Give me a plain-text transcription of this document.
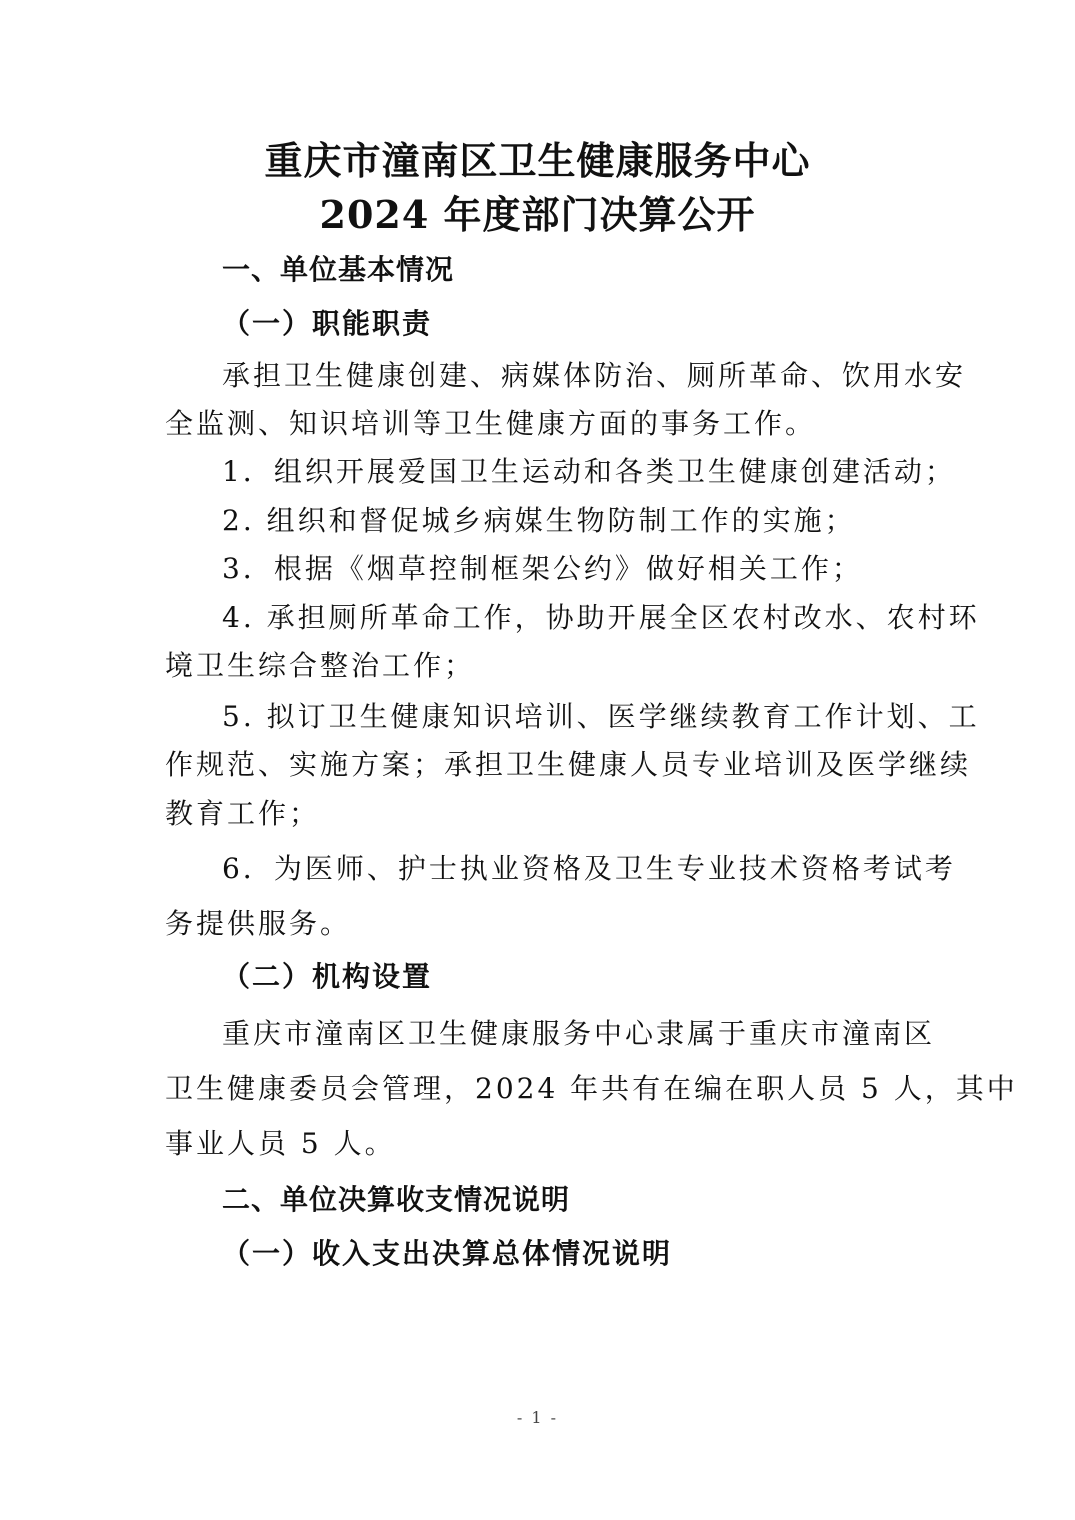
重庆市潼南区卫生健康服务中心
2024 年度部门决算公开
一、单位基本情况
（一）职能职责
承担卫生健康创建、病媒体防治、厕所革命、饮用水安
全监测、知识培训等卫生健康方面的事务工作。
1．组织开展爱国卫生运动和各类卫生健康创建活动；
2. 组织和督促城乡病媒生物防制工作的实施；
3．根据《烟草控制框架公约》做好相关工作；
4. 承担厕所革命工作，协助开展全区农村改水、农村环
境卫生综合整治工作；
5. 拟订卫生健康知识培训、医学继续教育工作计划、工
作规范、实施方案；承担卫生健康人员专业培训及医学继续
教育工作；
6．为医师、护士执业资格及卫生专业技术资格考试考
务提供服务。
（二）机构设置
重庆市潼南区卫生健康服务中心隶属于重庆市潼南区
卫生健康委员会管理，2024 年共有在编在职人员 5 人，其中
事业人员 5 人。
二、单位决算收支情况说明
（一）收入支出决算总体情况说明
- 1 -
